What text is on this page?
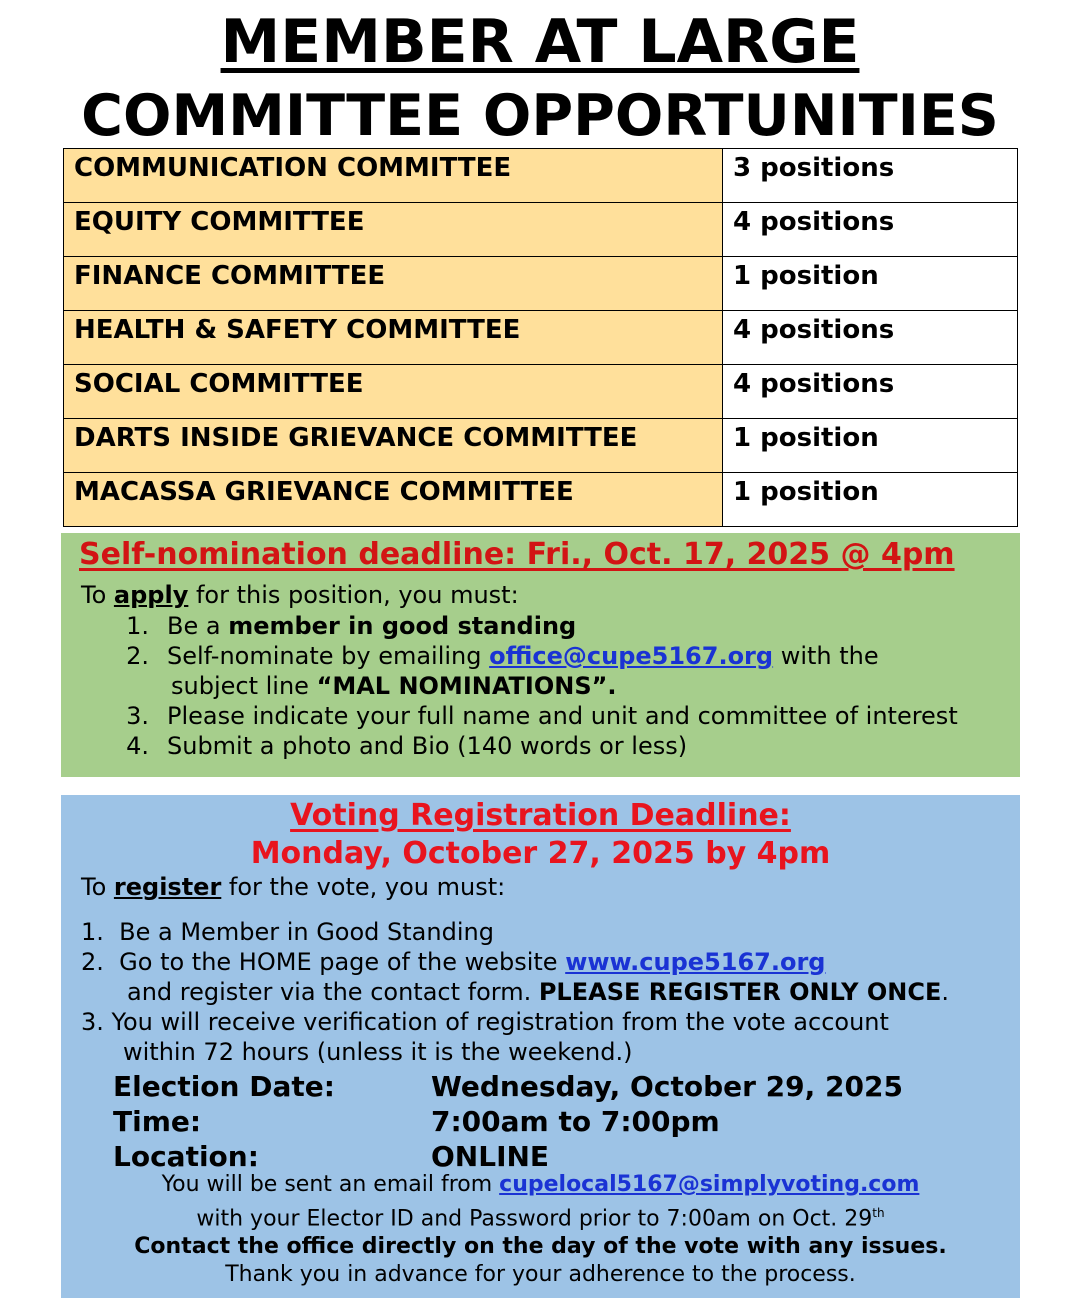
MEMBER AT LARGE
COMMITTEE OPPORTUNITIES
COMMUNICATION COMMITTEE	3 positions
EQUITY COMMITTEE	4 positions
FINANCE COMMITTEE	1 position
HEALTH & SAFETY COMMITTEE	4 positions
SOCIAL COMMITTEE	4 positions
DARTS INSIDE GRIEVANCE COMMITTEE	1 position
MACASSA GRIEVANCE COMMITTEE	1 position
Self-nomination deadline: Fri., Oct. 17, 2025 @ 4pm
To apply for this position, you must:
1. Be a member in good standing
2. Self-nominate by emailing office@cupe5167.org with the
subject line “MAL NOMINATIONS”.
3. Please indicate your full name and unit and committee of interest
4. Submit a photo and Bio (140 words or less)
Voting Registration Deadline:
Monday, October 27, 2025 by 4pm
To register for the vote, you must:
1.  Be a Member in Good Standing
2.  Go to the HOME page of the website www.cupe5167.org
and register via the contact form. PLEASE REGISTER ONLY ONCE.
3. You will receive verification of registration from the vote account
within 72 hours (unless it is the weekend.)
Election Date:	Wednesday, October 29, 2025
Time:	7:00am to 7:00pm
Location:	ONLINE
You will be sent an email from cupelocal5167@simplyvoting.com
with your Elector ID and Password prior to 7:00am on Oct. 29th
Contact the office directly on the day of the vote with any issues.
Thank you in advance for your adherence to the process.
